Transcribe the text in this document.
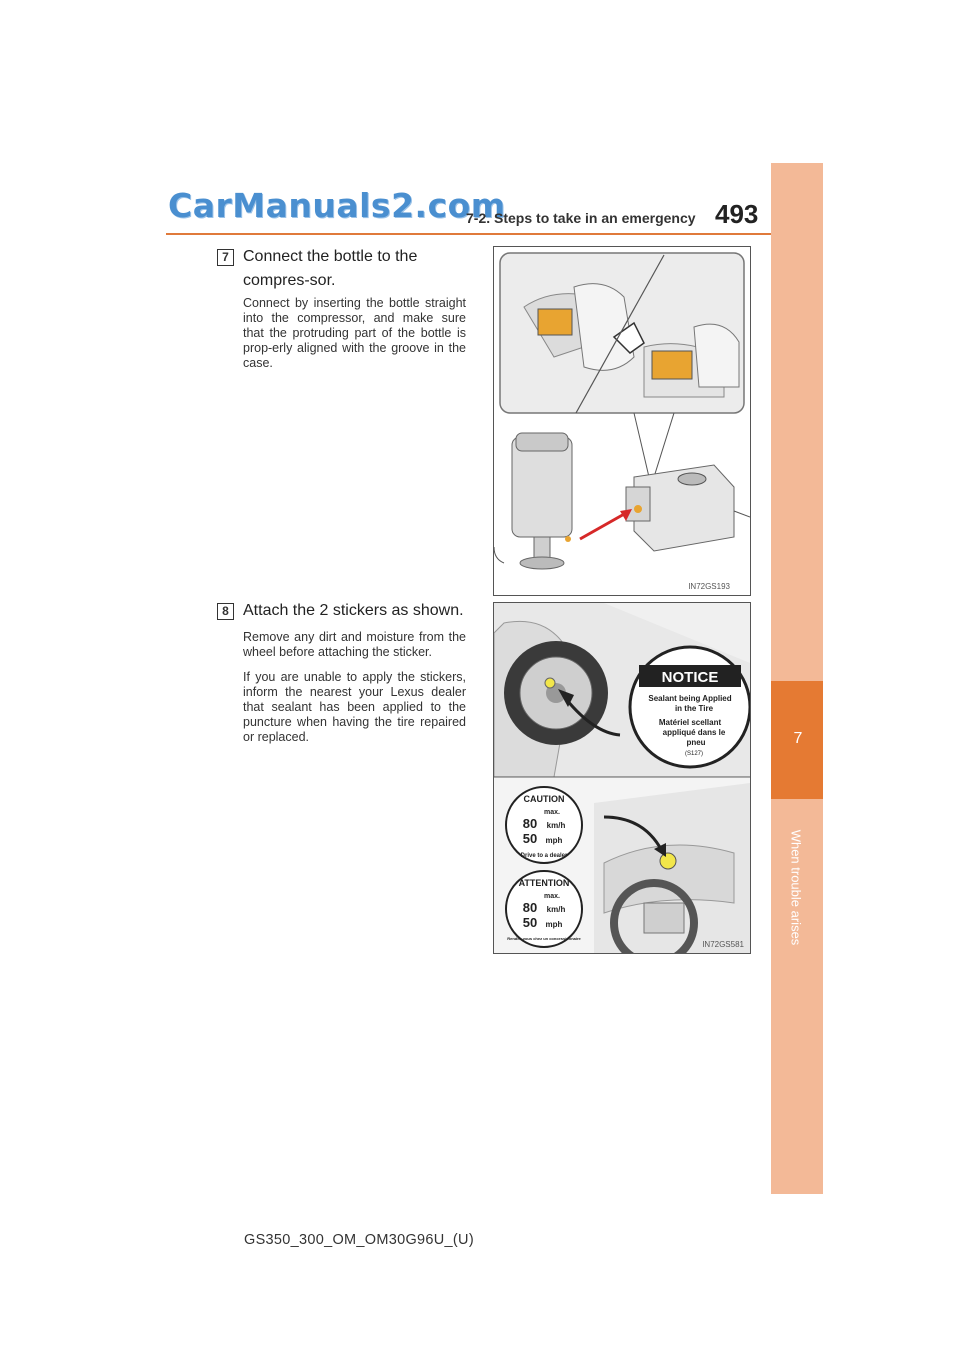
CarManuals2.com
7-2. Steps to take in an emergency 493
7
When trouble arises
7 Connect the bottle to the compres-sor.
Connect by inserting the bottle straight into the compressor, and make sure that the protruding part of the bottle is prop-erly aligned with the groove in the case.
IN72GS193
8 Attach the 2 stickers as shown.
Remove any dirt and moisture from the wheel before attaching the sticker.
If you are unable to apply the stickers, inform the nearest your Lexus dealer that sealant has been applied to the puncture when having the tire repaired or replaced.
NOTICE
Sealant being Applied
in the Tire
Matériel scellant
appliqué dans le
pneu
(S127)
CAUTION
max.
80 km/h
50 mph
Drive to a dealer
ATTENTION
max.
80 km/h
50 mph
Rendez-vous chez un concessionnaire
IN72GS581
GS350_300_OM_OM30G96U_(U)
